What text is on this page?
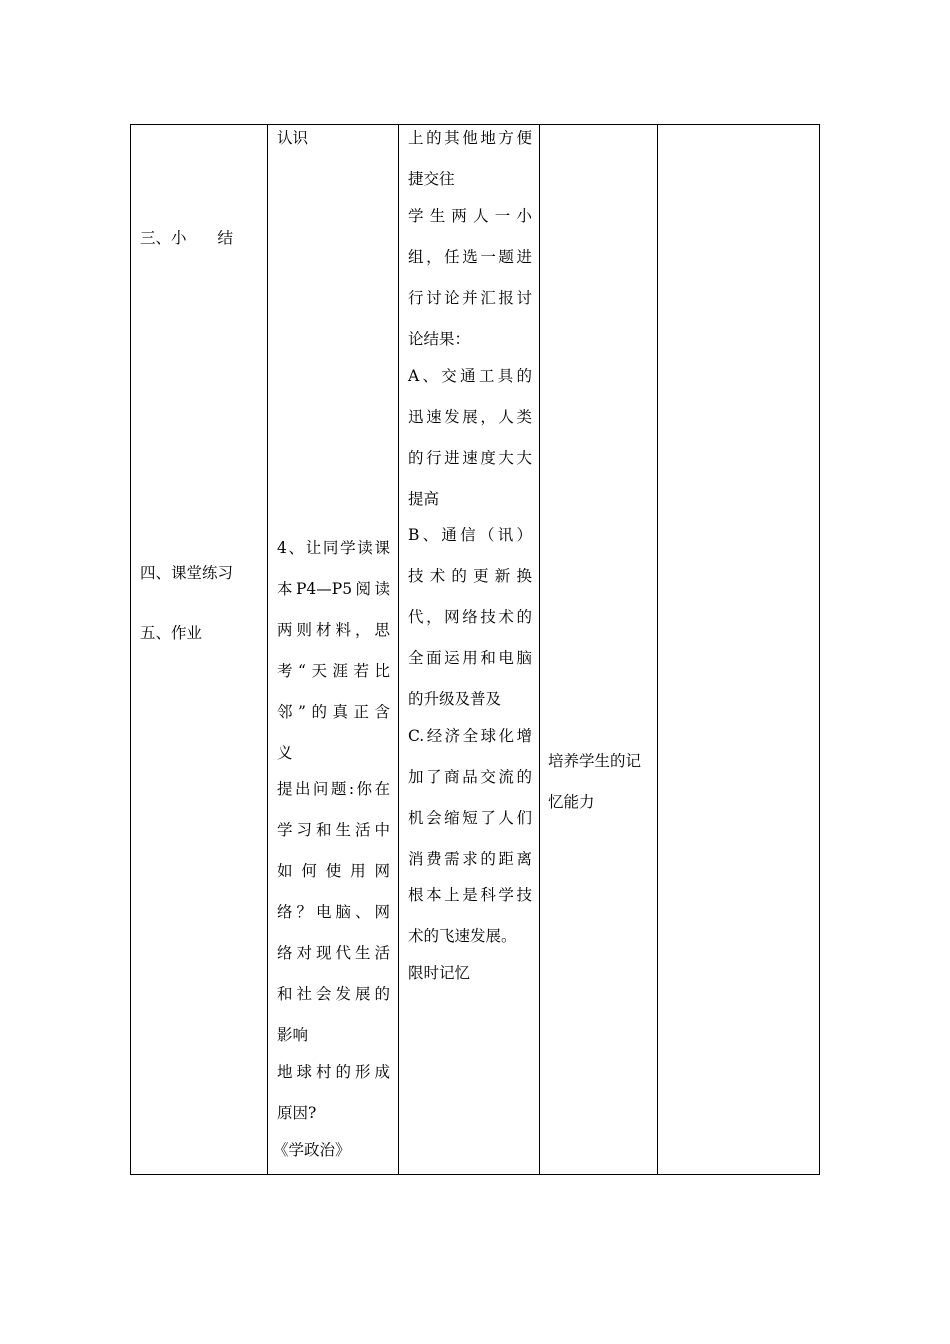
三、小　　结
四、课堂练习
五、作业
认识
4、让同学读课
本P4—P5阅读
两则材料，思
考“天涯若比
邻”的真正含
义
提出问题:你在
学习和生活中
如何使用网
络？电脑、网
络对现代生活
和社会发展的
影响
地球村的形成
原因?
《学政治》
上的其他地方便
捷交往
学生两人一小
组，任选一题进
行讨论并汇报讨
论结果：
A、交通工具的
迅速发展，人类
的行进速度大大
提高
B、通信（讯）
技术的更新换
代，网络技术的
全面运用和电脑
的升级及普及
C.经济全球化增
加了商品交流的
机会缩短了人们
消费需求的距离
根本上是科学技
术的飞速发展。
限时记忆
培养学生的记
忆能力
